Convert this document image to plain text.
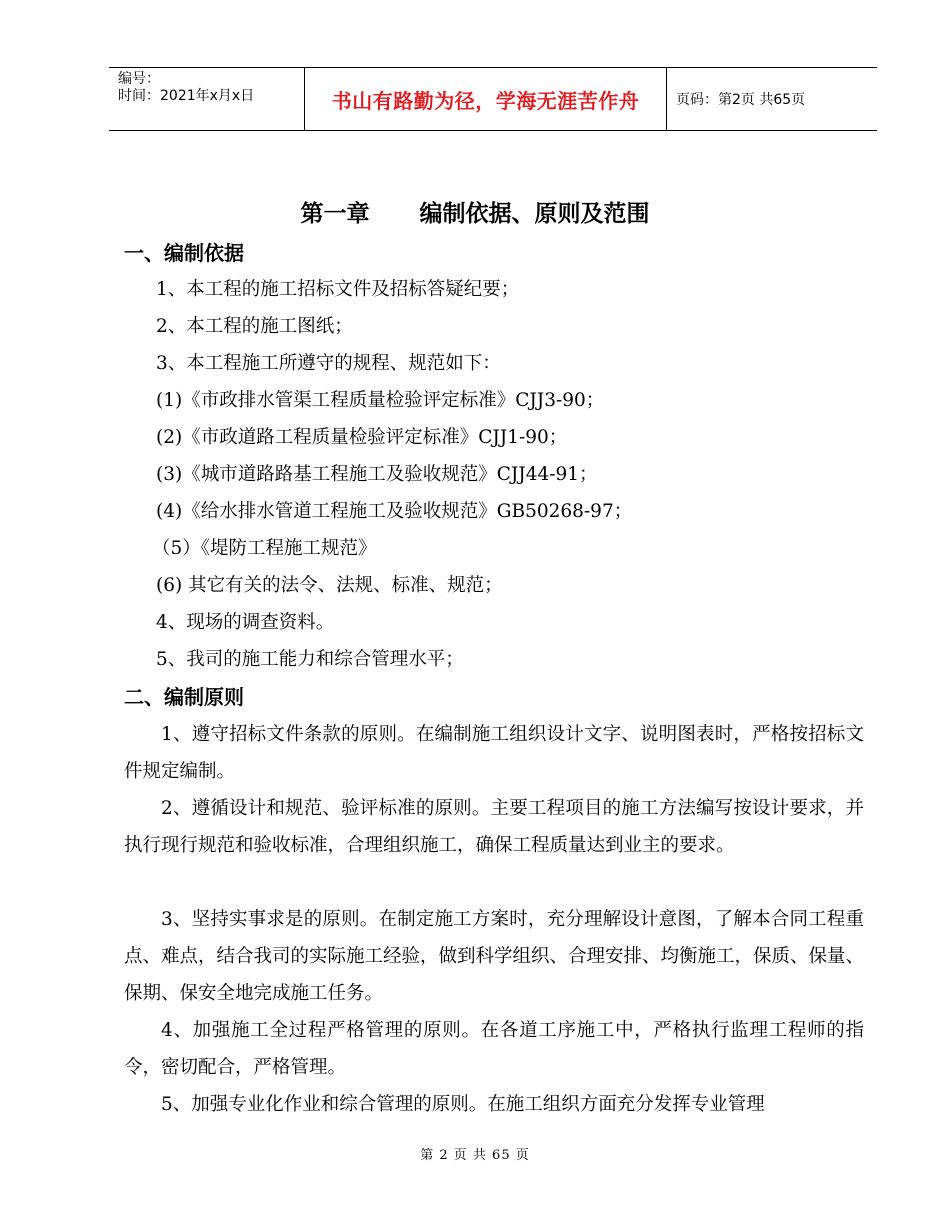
编号：
时间：2021年x月x日	书山有路勤为径，学海无涯苦作舟	页码：第2页 共65页
第一章 编制依据、原则及范围
一、编制依据
1、本工程的施工招标文件及招标答疑纪要；
2、本工程的施工图纸；
3、本工程施工所遵守的规程、规范如下：
(1)《市政排水管渠工程质量检验评定标准》CJJ3-90；
(2)《市政道路工程质量检验评定标准》CJJ1-90；
(3)《城市道路路基工程施工及验收规范》CJJ44-91；
(4)《给水排水管道工程施工及验收规范》GB50268-97；
（5）《堤防工程施工规范》
(6) 其它有关的法令、法规、标准、规范；
4、现场的调查资料。
5、我司的施工能力和综合管理水平；
二、编制原则
1、遵守招标文件条款的原则。在编制施工组织设计文字、说明图表时，严格按招标文件规定编制。
2、遵循设计和规范、验评标准的原则。主要工程项目的施工方法编写按设计要求，并执行现行规范和验收标准，合理组织施工，确保工程质量达到业主的要求。
3、坚持实事求是的原则。在制定施工方案时，充分理解设计意图，了解本合同工程重点、难点，结合我司的实际施工经验，做到科学组织、合理安排、均衡施工，保质、保量、保期、保安全地完成施工任务。
4、加强施工全过程严格管理的原则。在各道工序施工中，严格执行监理工程师的指令，密切配合，严格管理。
5、加强专业化作业和综合管理的原则。在施工组织方面充分发挥专业管理
第 2 页 共 65 页
